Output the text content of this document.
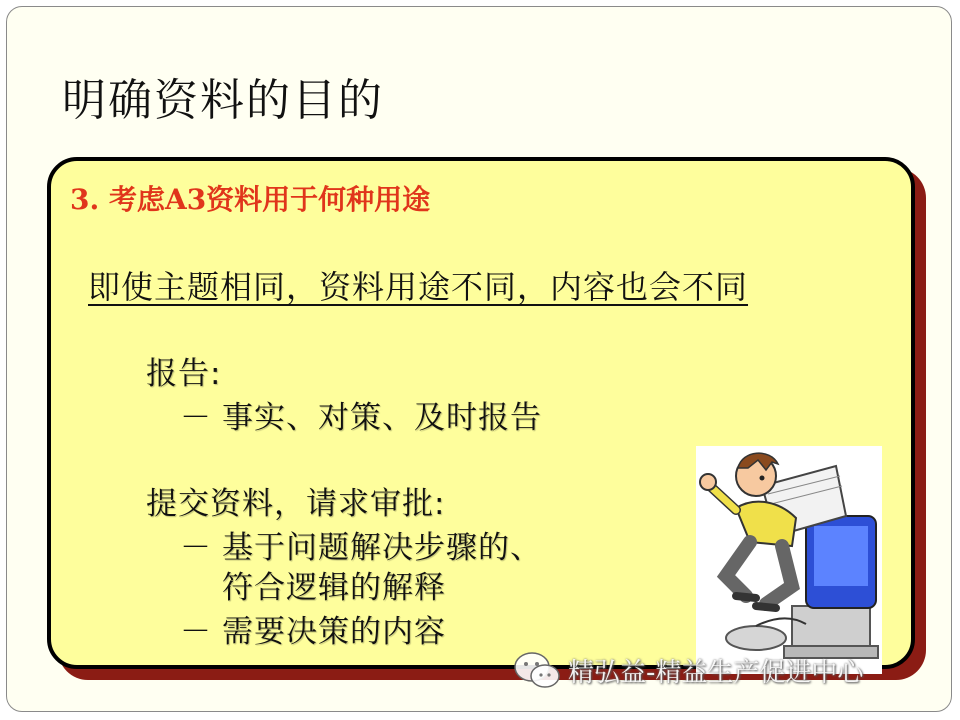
明确资料的目的
3. 考虑A3资料用于何种用途
即使主题相同，资料用途不同，内容也会不同
报告:
－ 事实、对策、及时报告
提交资料，请求审批:
－ 基于问题解决步骤的、
符合逻辑的解释
－ 需要决策的内容
精弘益-精益生产促进中心
